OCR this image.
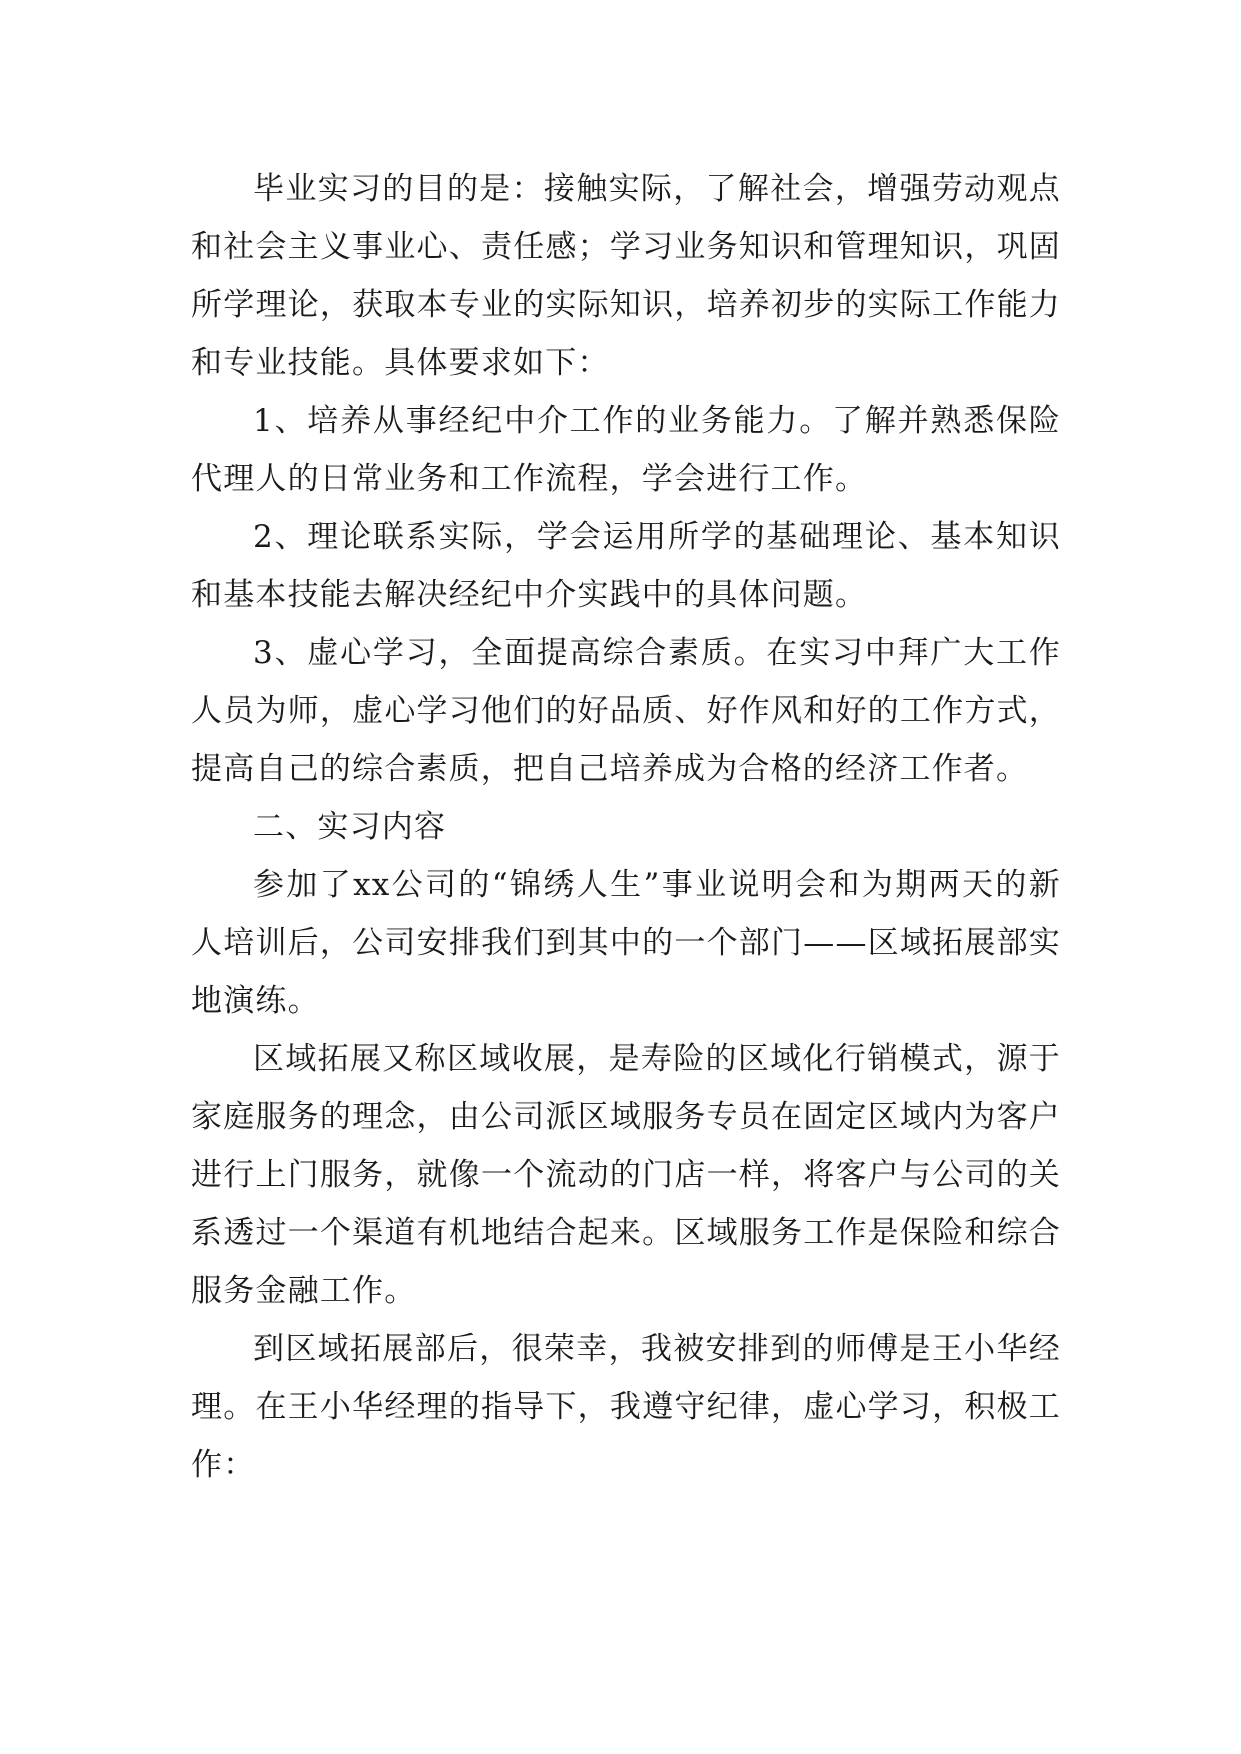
毕业实习的目的是：接触实际，了解社会，增强劳动观点和社会主义事业心、责任感；学习业务知识和管理知识，巩固所学理论，获取本专业的实际知识，培养初步的实际工作能力和专业技能。具体要求如下：

1、培养从事经纪中介工作的业务能力。了解并熟悉保险代理人的日常业务和工作流程，学会进行工作。

2、理论联系实际，学会运用所学的基础理论、基本知识和基本技能去解决经纪中介实践中的具体问题。

3、虚心学习，全面提高综合素质。在实习中拜广大工作人员为师，虚心学习他们的好品质、好作风和好的工作方式，提高自己的综合素质，把自己培养成为合格的经济工作者。

二、实习内容

参加了xx公司的“锦绣人生”事业说明会和为期两天的新人培训后，公司安排我们到其中的一个部门——区域拓展部实地演练。

区域拓展又称区域收展，是寿险的区域化行销模式，源于家庭服务的理念，由公司派区域服务专员在固定区域内为客户进行上门服务，就像一个流动的门店一样，将客户与公司的关系透过一个渠道有机地结合起来。区域服务工作是保险和综合服务金融工作。

到区域拓展部后，很荣幸，我被安排到的师傅是王小华经理。在王小华经理的指导下，我遵守纪律，虚心学习，积极工作：
